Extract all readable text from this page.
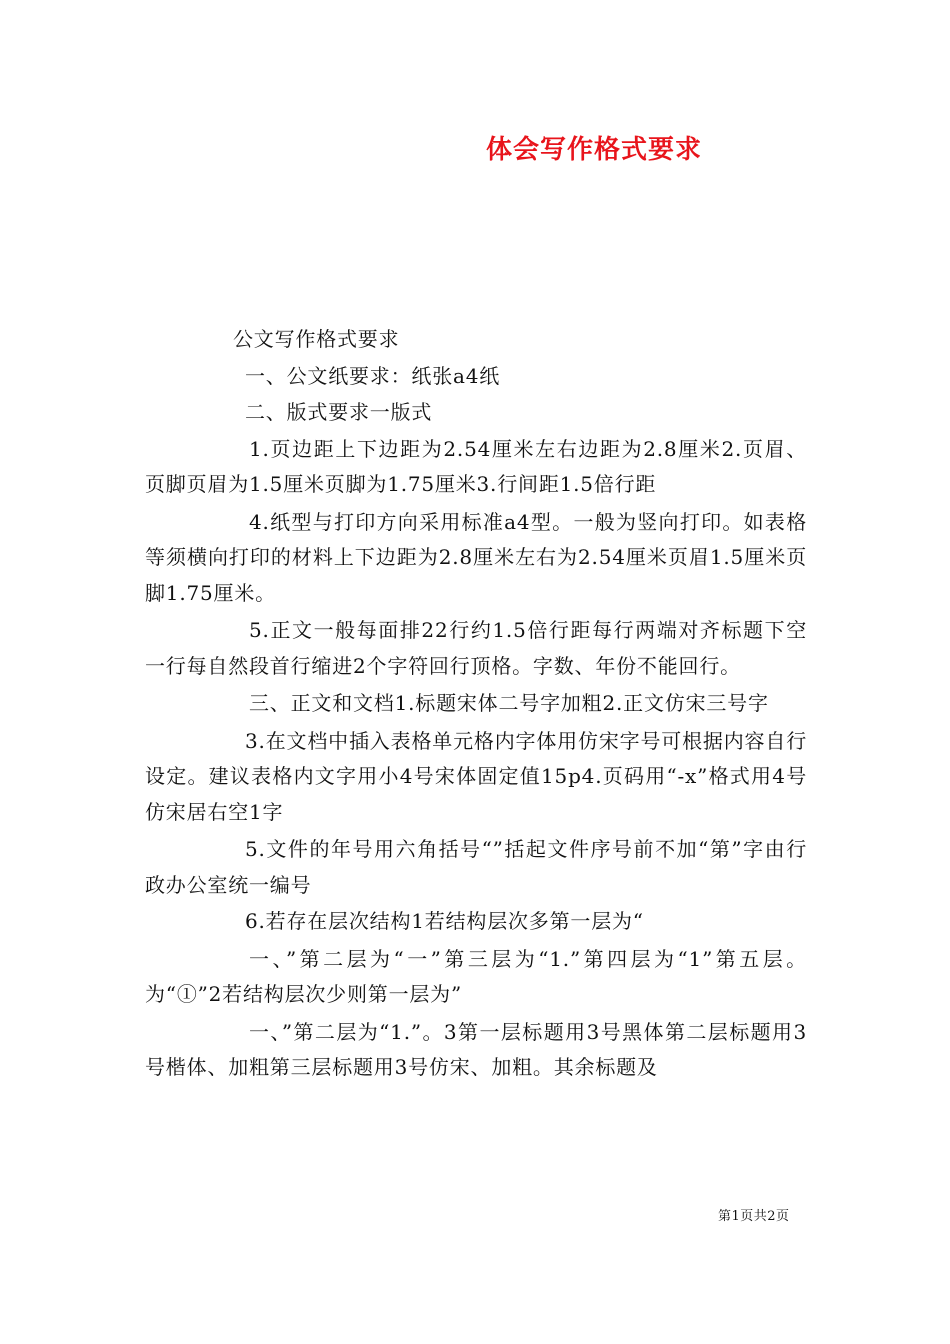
体会写作格式要求

公文写作格式要求

一、公文纸要求：纸张a4纸

二、版式要求一版式

1.页边距上下边距为2.54厘米左右边距为2.8厘米2.页眉、页脚页眉为1.5厘米页脚为1.75厘米3.行间距1.5倍行距

4.纸型与打印方向采用标准a4型。一般为竖向打印。如表格等须横向打印的材料上下边距为2.8厘米左右为2.54厘米页眉1.5厘米页脚1.75厘米。

5.正文一般每面排22行约1.5倍行距每行两端对齐标题下空一行每自然段首行缩进2个字符回行顶格。字数、年份不能回行。

三、正文和文档1.标题宋体二号字加粗2.正文仿宋三号字

3.在文档中插入表格单元格内字体用仿宋字号可根据内容自行设定。建议表格内文字用小4号宋体固定值15p4.页码用“-x”格式用4号仿宋居右空1字

5.文件的年号用六角括号“”括起文件序号前不加“第”字由行政办公室统一编号

6.若存在层次结构1若结构层次多第一层为“

一、”第二层为“一”第三层为“1.”第四层为“1”第五层。为“①”2若结构层次少则第一层为”

一、”第二层为“1.”。3第一层标题用3号黑体第二层标题用3号楷体、加粗第三层标题用3号仿宋、加粗。其余标题及

第1页共2页
